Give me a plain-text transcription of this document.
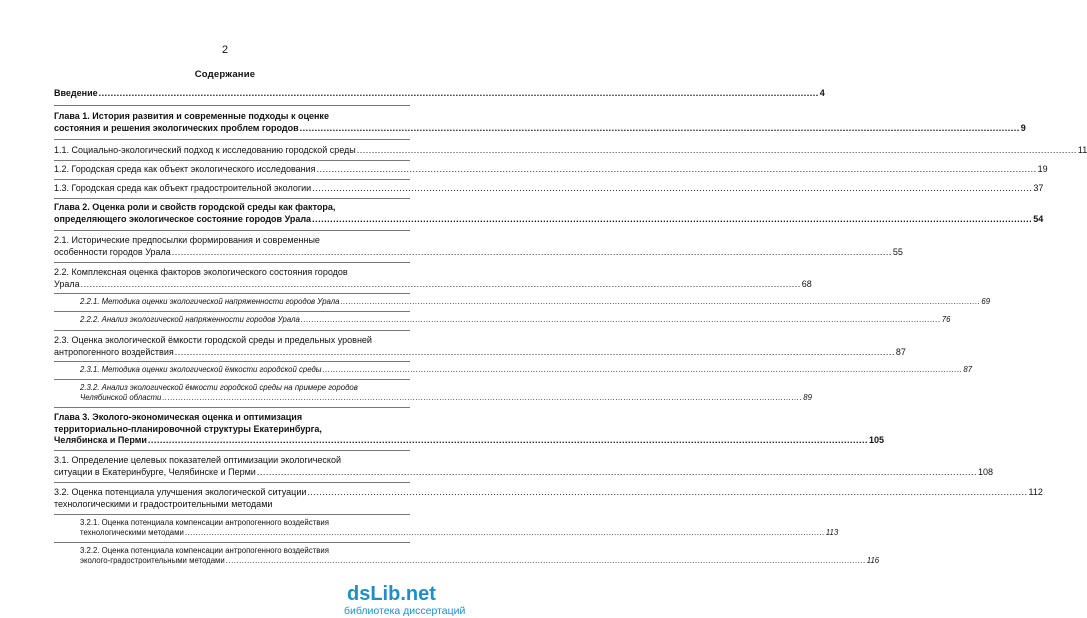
2
Содержание
Введение .....	4
Глава 1. История развития и современные подходы к оценке
состояния и решения экологических проблем городов .....	9
1.1. Социально-экологический подход к исследованию городской среды .....	11
1.2. Городская среда как объект экологического исследования .....	19
1.3. Городская среда как объект градостроительной экологии .....	37
Глава 2. Оценка роли и свойств городской среды как фактора,
определяющего экологическое состояние городов Урала .....	54
2.1. Исторические предпосылки формирования и современные
особенности городов Урала .....	55
2.2. Комплексная оценка факторов экологического состояния городов
Урала .....	68
2.2.1. Методика оценки экологической напряженности городов Урала .....	69
2.2.2. Анализ экологической напряженности городов Урала .....	76
2.3. Оценка экологической ёмкости городской среды и предельных уровней
антропогенного воздействия .....	87
2.3.1. Методика оценки экологической ёмкости городской среды .....	87
2.3.2. Анализ экологической ёмкости городской среды на примере городов
Челябинской области .....	89
Глава 3. Эколого-экономическая оценка и оптимизация
территориально-планировочной структуры Екатеринбурга,
Челябинска и Перми .....	105
3.1. Определение целевых показателей оптимизации экологической
ситуации в Екатеринбурге, Челябинске и Перми .....	108
3.2. Оценка потенциала улучшения экологической ситуации .....	112
технологическими и градостроительными методами
3.2.1. Оценка потенциала компенсации антропогенного воздействия
технологическими методами .....	113
3.2.2. Оценка потенциала компенсации антропогенного воздействия
эколого-градостроительными методами .....	116
dsLib.net
библиотека диссертаций
